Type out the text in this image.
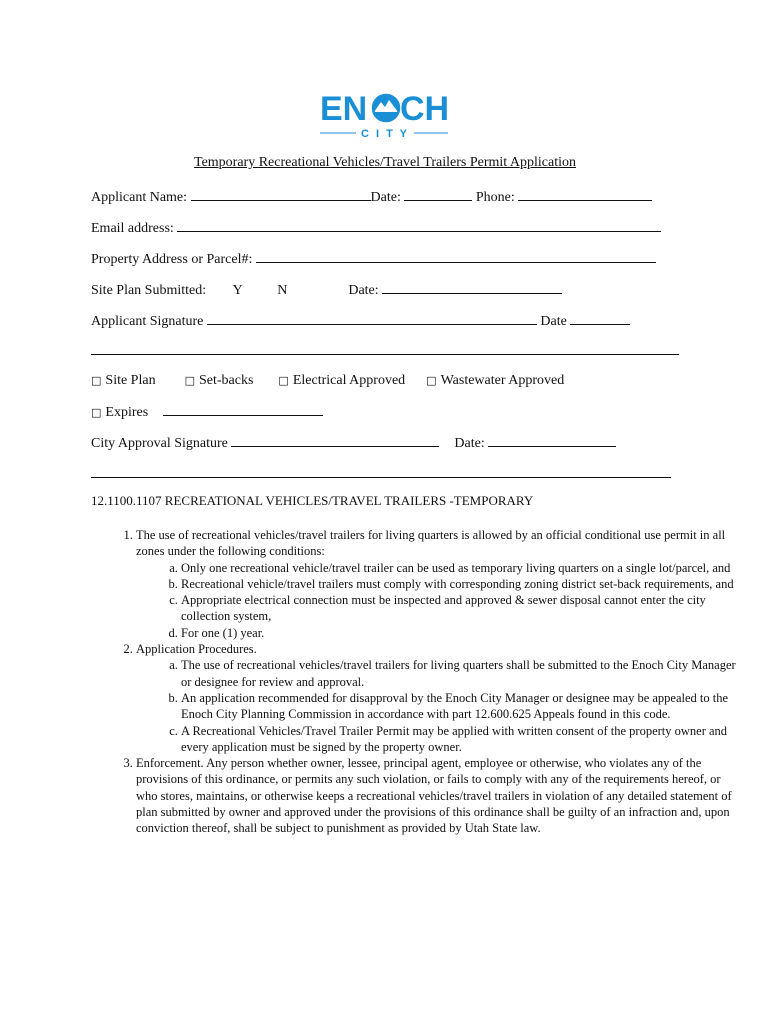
EN CH
C I T Y
Temporary Recreational Vehicles/Travel Trailers Permit Application
Applicant Name:	Date:	Phone:
Email address:
Property Address or Parcel#:
Site Plan Submitted: Y	N	Date:
Applicant Signature	Date
□ Site Plan	□ Set-backs □ Electrical Approved □ Wastewater Approved
□ Expires
City Approval Signature	Date:
12.1100.1107 RECREATIONAL VEHICLES/TRAVEL TRAILERS -TEMPORARY
1. The use of recreational vehicles/travel trailers for living quarters is allowed by an official conditional use permit in all zones under the following conditions:
a. Only one recreational vehicle/travel trailer can be used as temporary living quarters on a single lot/parcel, and
b. Recreational vehicle/travel trailers must comply with corresponding zoning district set-back requirements, and
c. Appropriate electrical connection must be inspected and approved & sewer disposal cannot enter the city collection system,
d. For one (1) year.
2. Application Procedures.
a. The use of recreational vehicles/travel trailers for living quarters shall be submitted to the Enoch City Manager or designee for review and approval.
b. An application recommended for disapproval by the Enoch City Manager or designee may be appealed to the Enoch City Planning Commission in accordance with part 12.600.625 Appeals found in this code.
c. A Recreational Vehicles/Travel Trailer Permit may be applied with written consent of the property owner and every application must be signed by the property owner.
3. Enforcement. Any person whether owner, lessee, principal agent, employee or otherwise, who violates any of the provisions of this ordinance, or permits any such violation, or fails to comply with any of the requirements hereof, or who stores, maintains, or otherwise keeps a recreational vehicles/travel trailers in violation of any detailed statement of plan submitted by owner and approved under the provisions of this ordinance shall be guilty of an infraction and, upon conviction thereof, shall be subject to punishment as provided by Utah State law.
